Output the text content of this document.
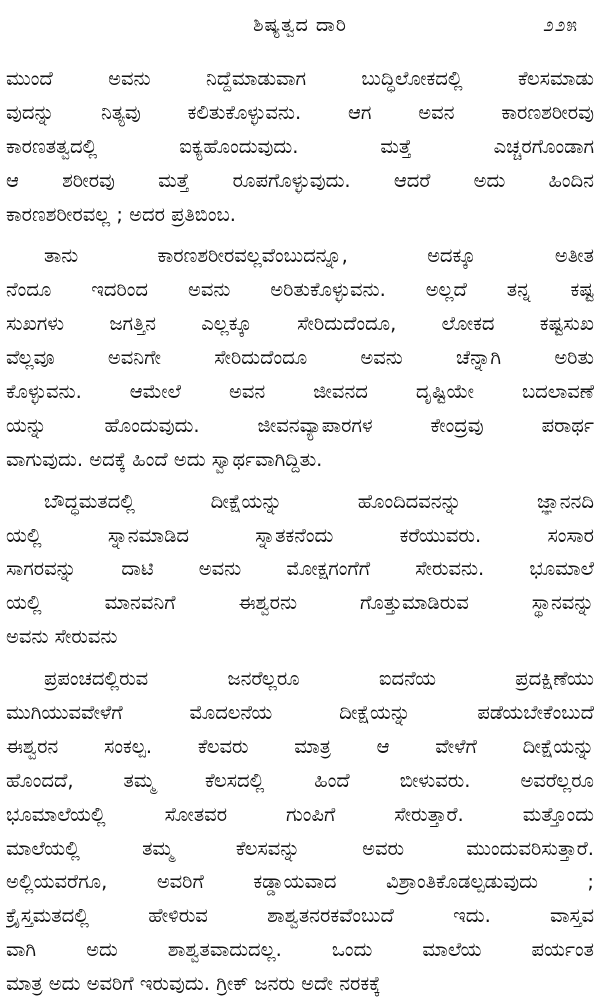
ಶಿಷ್ಯತ್ವದ ದಾರಿ	೨೨೫
ಮುಂದೆ ಅವನು ನಿದ್ದೆಮಾಡುವಾಗ ಬುದ್ಧಿಲೋಕದಲ್ಲಿ ಕೆಲಸಮಾಡು
ವುದನ್ನು ನಿತ್ಯವು ಕಲಿತುಕೊಳ್ಳುವನು. ಆಗ ಅವನ ಕಾರಣಶರೀರವು
ಕಾರಣತತ್ವದಲ್ಲಿ ಐಕ್ಯಹೊಂದುವುದು. ಮತ್ತೆ ಎಚ್ಚರಗೊಂಡಾಗ
ಆ ಶರೀರವು ಮತ್ತೆ ರೂಪಗೊಳ್ಳುವುದು. ಆದರೆ ಅದು ಹಿಂದಿನ
ಕಾರಣಶರೀರವಲ್ಲ ; ಅದರ ಪ್ರತಿಬಿಂಬ.
ತಾನು ಕಾರಣಶರೀರವಲ್ಲವೆಂಬುದನ್ನೂ, ಅದಕ್ಕೂ ಅತೀತ
ನೆಂದೂ ಇದರಿಂದ ಅವನು ಅರಿತುಕೊಳ್ಳುವನು. ಅಲ್ಲದೆ ತನ್ನ ಕಷ್ಟ
ಸುಖಗಳು ಜಗತ್ತಿನ ಎಲ್ಲಕ್ಕೂ ಸೇರಿದುದೆಂದೂ, ಲೋಕದ ಕಷ್ಟಸುಖ
ವೆಲ್ಲವೂ ಅವನಿಗೇ ಸೇರಿದುದೆಂದೂ ಅವನು ಚೆನ್ನಾಗಿ ಅರಿತು
ಕೊಳ್ಳುವನು. ಆಮೇಲೆ ಅವನ ಜೀವನದ ದೃಷ್ಟಿಯೇ ಬದಲಾವಣೆ
ಯನ್ನು ಹೊಂದುವುದು. ಜೀವನವ್ಯಾಪಾರಗಳ ಕೇಂದ್ರವು ಪರಾರ್ಥ
ವಾಗುವುದು. ಅದಕ್ಕೆ ಹಿಂದೆ ಅದು ಸ್ವಾರ್ಥವಾಗಿದ್ದಿತು.
ಬೌದ್ಧಮತದಲ್ಲಿ ದೀಕ್ಷೆಯನ್ನು ಹೊಂದಿದವನನ್ನು ಜ್ಞಾನನದಿ
ಯಲ್ಲಿ ಸ್ನಾನಮಾಡಿದ ಸ್ನಾತಕನೆಂದು ಕರೆಯುವರು. ಸಂಸಾರ
ಸಾಗರವನ್ನು ದಾಟಿ ಅವನು ಮೋಕ್ಷಗಂಗೆಗೆ ಸೇರುವನು. ಭೂಮಾಲೆ
ಯಲ್ಲಿ ಮಾನವನಿಗೆ ಈಶ್ವರನು ಗೊತ್ತುಮಾಡಿರುವ ಸ್ಥಾನವನ್ನು
ಅವನು ಸೇರುವನು
ಪ್ರಪಂಚದಲ್ಲಿರುವ ಜನರೆಲ್ಲರೂ ಐದನೆಯ ಪ್ರದಕ್ಷಿಣೆಯು
ಮುಗಿಯುವವೇಳೆಗೆ ಮೊದಲನೆಯ ದೀಕ್ಷೆಯನ್ನು ಪಡೆಯಬೇಕೆಂಬುದೆ
ಈಶ್ವರನ ಸಂಕಲ್ಪ. ಕೆಲವರು ಮಾತ್ರ ಆ ವೇಳೆಗೆ ದೀಕ್ಷೆಯನ್ನು
ಹೊಂದದೆ, ತಮ್ಮ ಕೆಲಸದಲ್ಲಿ ಹಿಂದೆ ಬೀಳುವರು. ಅವರೆಲ್ಲರೂ
ಭೂಮಾಲೆಯಲ್ಲಿ ಸೋತವರ ಗುಂಪಿಗೆ ಸೇರುತ್ತಾರೆ. ಮತ್ತೊಂದು
ಮಾಲೆಯಲ್ಲಿ ತಮ್ಮ ಕೆಲಸವನ್ನು ಅವರು ಮುಂದುವರಿಸುತ್ತಾರೆ.
ಅಲ್ಲಿಯವರೆಗೂ, ಅವರಿಗೆ ಕಡ್ಡಾಯವಾದ ವಿಶ್ರಾಂತಿಕೊಡಲ್ಪಡುವುದು ;
ಕ್ರೈಸ್ತಮತದಲ್ಲಿ ಹೇಳಿರುವ ಶಾಶ್ವತನರಕವೆಂಬುದೆ ಇದು. ವಾಸ್ತವ
ವಾಗಿ ಅದು ಶಾಶ್ವತವಾದುದಲ್ಲ. ಒಂದು ಮಾಲೆಯ ಪರ್ಯಂತ
ಮಾತ್ರ ಅದು ಅವರಿಗೆ ಇರುವುದು. ಗ್ರೀಕ್ ಜನರು ಅದೇ ನರಕಕ್ಕೆ
